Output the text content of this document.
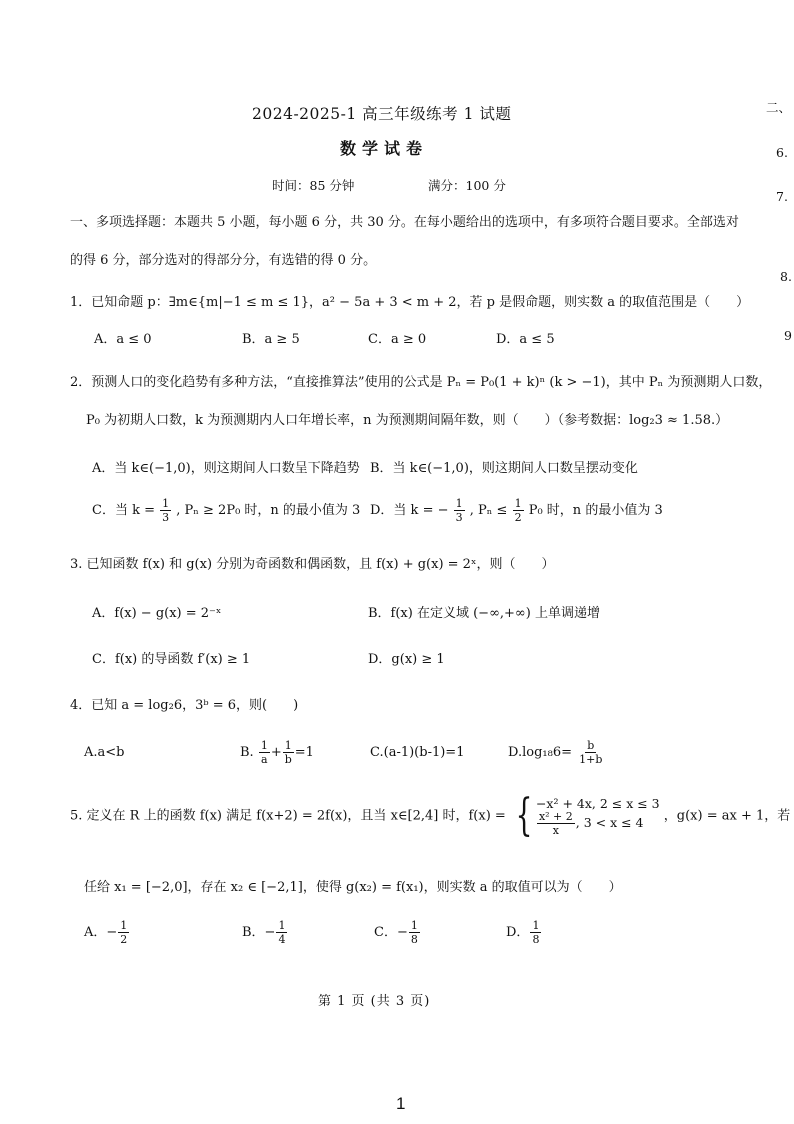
2024-2025-1 高三年级练考 1 试题
数学试卷
时间：85 分钟	满分：100 分
一、多项选择题：本题共 5 小题，每小题 6 分，共 30 分。在每小题给出的选项中，有多项符合题目要求。全部选对
的得 6 分，部分选对的得部分分，有选错的得 0 分。
1．已知命题 p：∃m∈{m|−1 ≤ m ≤ 1}，a² − 5a + 3 < m + 2，若 p 是假命题，则实数 a 的取值范围是（　　）
A．a ≤ 0	B．a ≥ 5	C．a ≥ 0	D．a ≤ 5
2．预测人口的变化趋势有多种方法，“直接推算法”使用的公式是 Pₙ = P₀(1 + k)ⁿ (k > −1)，其中 Pₙ 为预测期人口数，
P₀ 为初期人口数，k 为预测期内人口年增长率，n 为预测期间隔年数，则（　　）（参考数据：log₂3 ≈ 1.58.）
A．当 k∈(−1,0)，则这期间人口数呈下降趋势 B．当 k∈(−1,0)，则这期间人口数呈摆动变化
C．当 $k = \frac{1}{3}$ , Pₙ ≥ 2P₀ 时，n 的最小值为 3 D．当 k = − $\frac{1}{3}$ , $P_n \le \frac{1}{2} P_0$ 时，n 的最小值为 3
3. 已知函数 f(x) 和 g(x) 分别为奇函数和偶函数，且 f(x) + g(x) = 2ˣ，则（　　）
A．f(x) − g(x) = 2⁻ˣ	B．f(x) 在定义域 (−∞,+∞) 上单调递增
C．f(x) 的导函数 f′(x) ≥ 1	D．g(x) ≥ 1
4．已知 a = log₂6，3ᵇ = 6，则(　　)
A.a<b	B. $\frac{1}{a} + \frac{1}{b} =1$	C.(a-1)(b-1)=1	$D.\log_{18}6= \frac{b}{1+b}$
5. 定义在 R 上的函数 f(x) 满足 f(x+2) = 2f(x)，且当 x∈[2,4] 时，f(x) = { −x² + 4x, 2 ≤ x ≤ 3
$\frac{\text{x² + 2}}{x}$ , 3 < x ≤ 4	，g(x) = ax + 1，若
任给 x₁ = [−2,0]，存在 x₂ ∈ [−2,1]，使得 g(x₂) = f(x₁)，则实数 a 的取值可以为（　　）
A．− $\frac{1}{2}$	B．− $\frac{1}{4}$	C．− $\frac{1}{8}$	D． $\frac{1}{8}$
第 1 页 (共 3 页)
1
二、
6.
7.
8.
9
